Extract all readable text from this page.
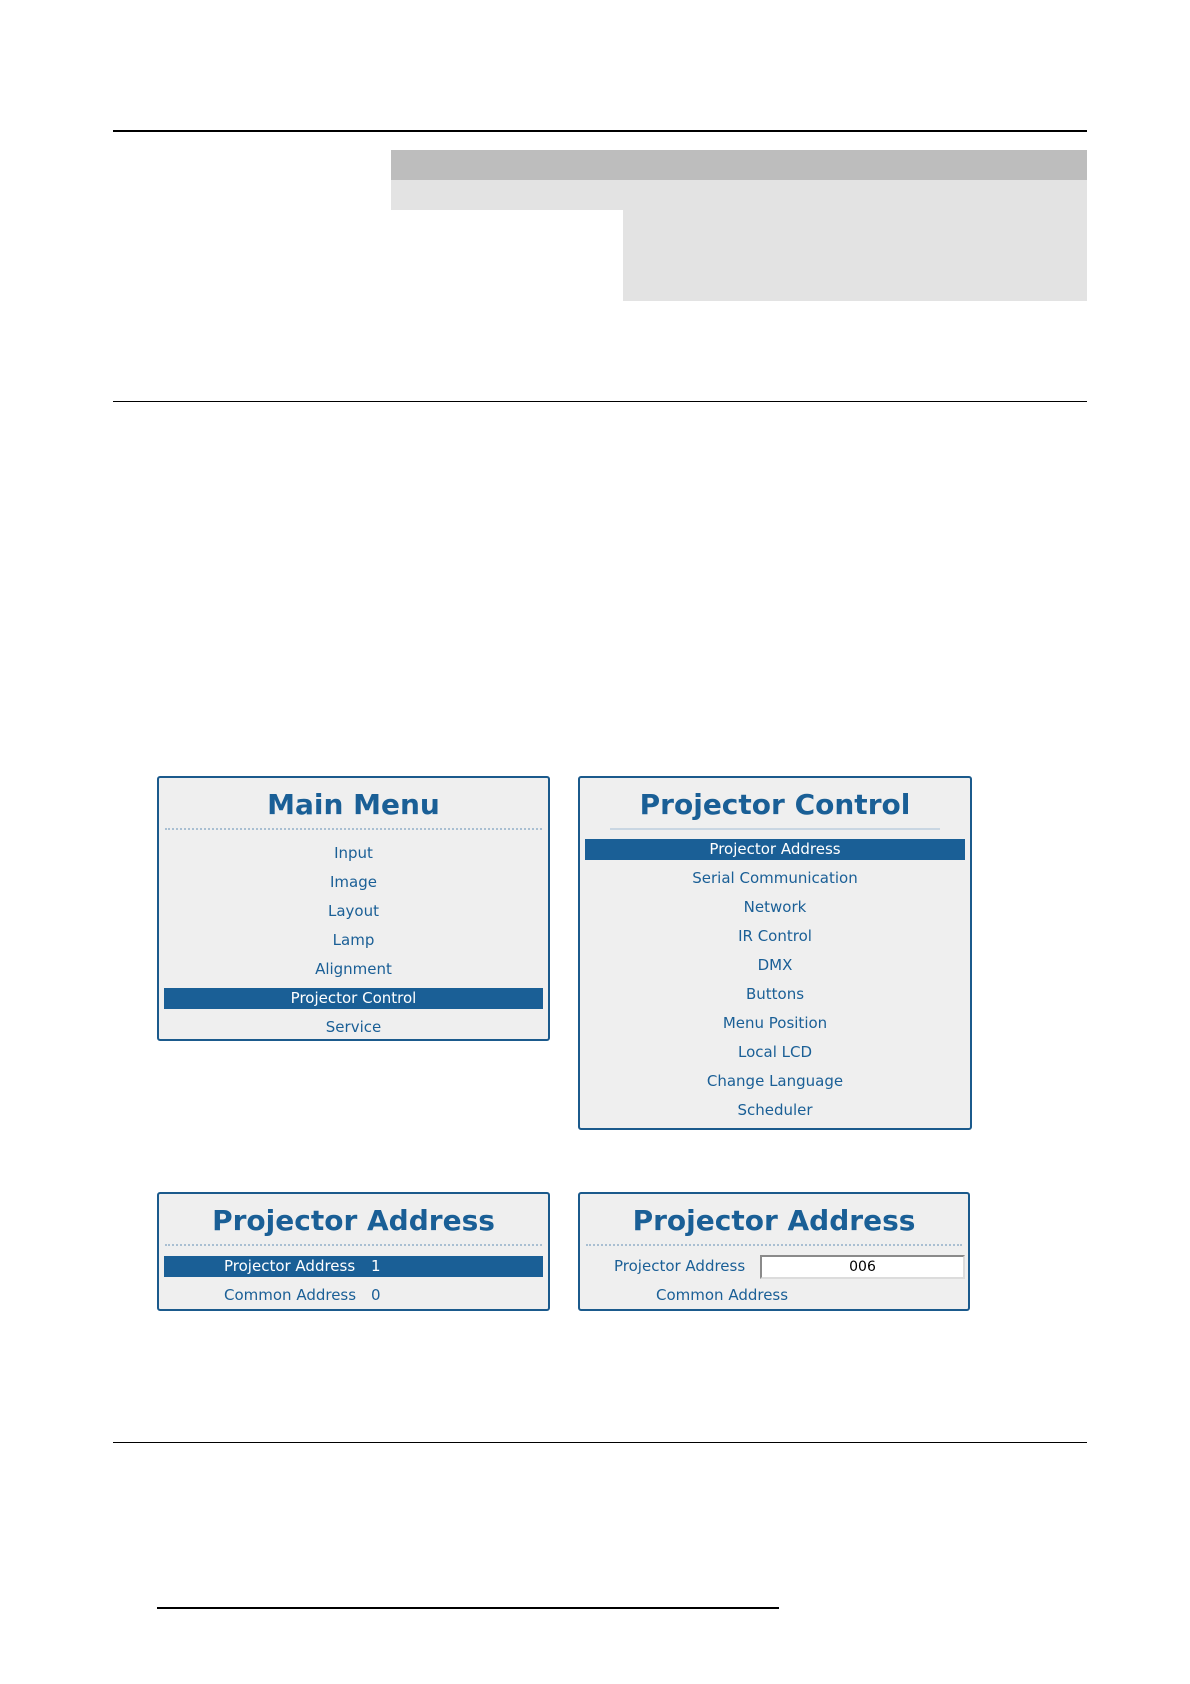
Main Menu
Input
Image
Layout
Lamp
Alignment
Projector Control
Service
Projector Control
Projector Address
Serial Communication
Network
IR Control
DMX
Buttons
Menu Position
Local LCD
Change Language
Scheduler
Projector Address
Projector Address 1
Common Address 0
Projector Address
Projector Address	006
Common Address
